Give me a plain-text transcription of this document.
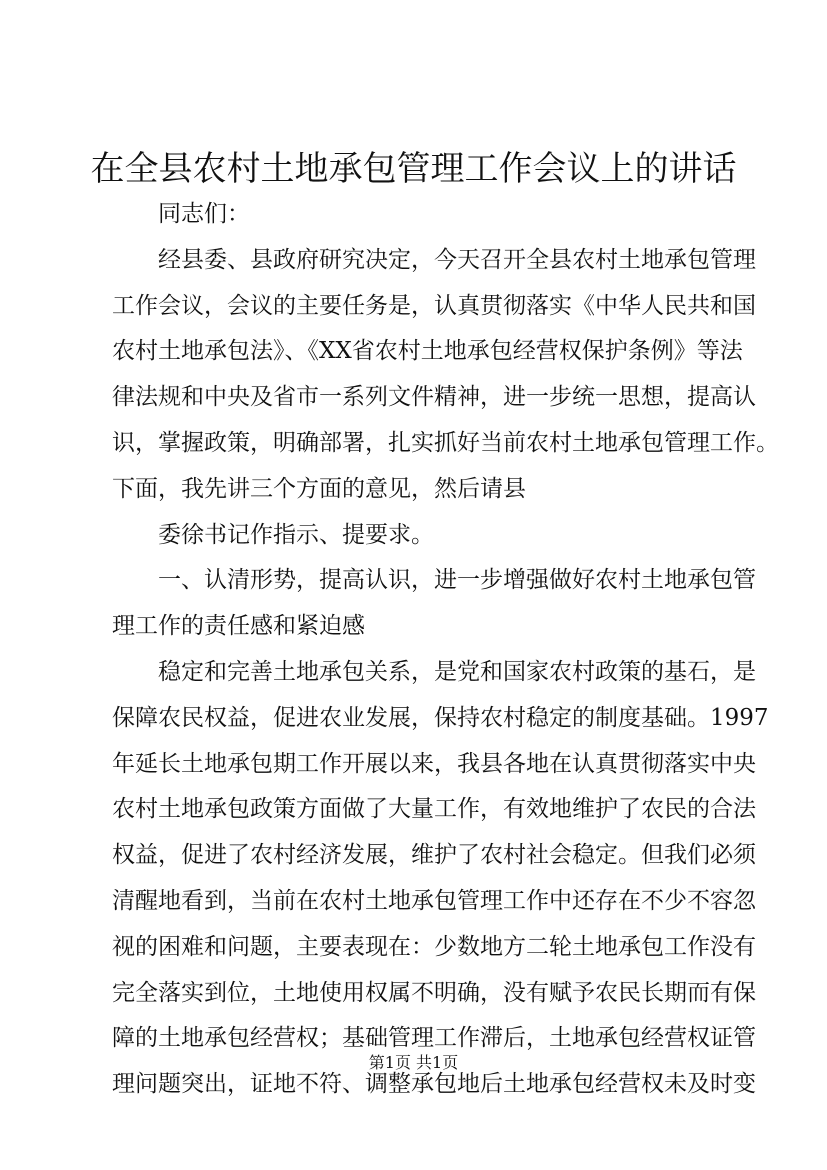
在全县农村土地承包管理工作会议上的讲话
同志们：
经县委、县政府研究决定，今天召开全县农村土地承包管理
工作会议，会议的主要任务是，认真贯彻落实《中华人民共和国
农村土地承包法》、《XX省农村土地承包经营权保护条例》等法
律法规和中央及省市一系列文件精神，进一步统一思想，提高认
识，掌握政策，明确部署，扎实抓好当前农村土地承包管理工作。
下面，我先讲三个方面的意见，然后请县
委徐书记作指示、提要求。
一、认清形势，提高认识，进一步增强做好农村土地承包管
理工作的责任感和紧迫感
稳定和完善土地承包关系，是党和国家农村政策的基石，是
保障农民权益，促进农业发展，保持农村稳定的制度基础。1997
年延长土地承包期工作开展以来，我县各地在认真贯彻落实中央
农村土地承包政策方面做了大量工作，有效地维护了农民的合法
权益，促进了农村经济发展，维护了农村社会稳定。但我们必须
清醒地看到，当前在农村土地承包管理工作中还存在不少不容忽
视的困难和问题，主要表现在：少数地方二轮土地承包工作没有
完全落实到位，土地使用权属不明确，没有赋予农民长期而有保
障的土地承包经营权；基础管理工作滞后，土地承包经营权证管
理问题突出，证地不符、调整承包地后土地承包经营权未及时变
第1页 共1页
